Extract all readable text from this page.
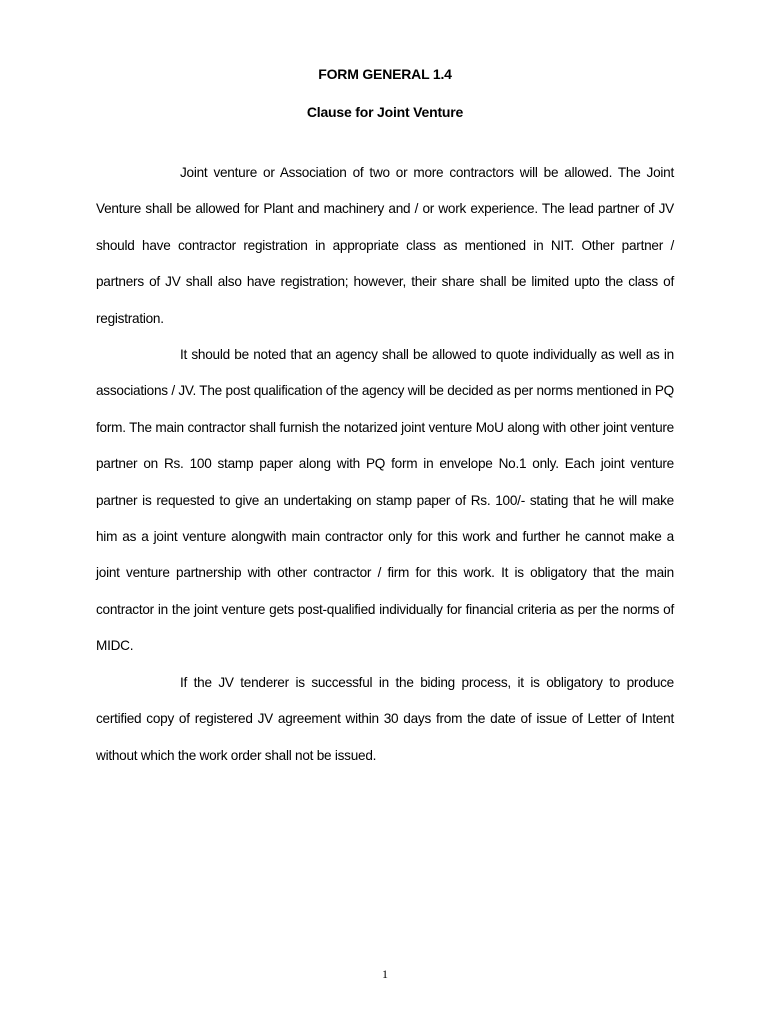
FORM GENERAL 1.4
Clause for Joint Venture

Joint venture or Association of two or more contractors will be allowed. The Joint Venture shall be allowed for Plant and machinery and / or work experience. The lead partner of JV should have contractor registration in appropriate class as mentioned in NIT. Other partner / partners of JV shall also have registration; however, their share shall be limited upto the class of registration.

It should be noted that an agency shall be allowed to quote individually as well as in associations / JV. The post qualification of the agency will be decided as per norms mentioned in PQ form. The main contractor shall furnish the notarized joint venture MoU along with other joint venture partner on Rs. 100 stamp paper along with PQ form in envelope No.1 only. Each joint venture partner is requested to give an undertaking on stamp paper of Rs. 100/- stating that he will make him as a joint venture alongwith main contractor only for this work and further he cannot make a joint venture partnership with other contractor / firm for this work. It is obligatory that the main contractor in the joint venture gets post-qualified individually for financial criteria as per the norms of MIDC.

If the JV tenderer is successful in the biding process, it is obligatory to produce certified copy of registered JV agreement within 30 days from the date of issue of Letter of Intent without which the work order shall not be issued.

1
